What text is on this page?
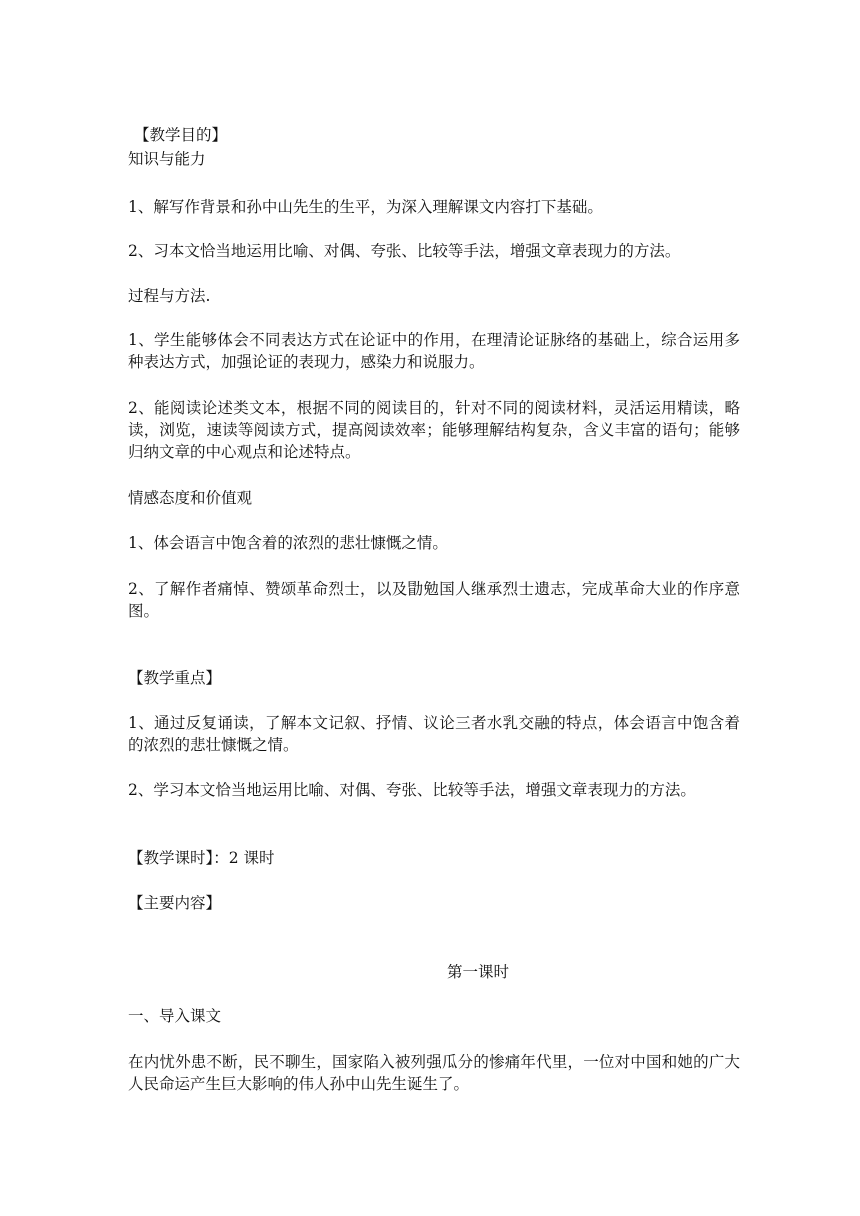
【教学目的】
知识与能力
1、解写作背景和孙中山先生的生平，为深入理解课文内容打下基础。
2、习本文恰当地运用比喻、对偶、夸张、比较等手法，增强文章表现力的方法。
过程与方法.
1、学生能够体会不同表达方式在论证中的作用，在理清论证脉络的基础上，综合运用多种表达方式，加强论证的表现力，感染力和说服力。
2、能阅读论述类文本，根据不同的阅读目的，针对不同的阅读材料，灵活运用精读，略读，浏览，速读等阅读方式，提高阅读效率；能够理解结构复杂，含义丰富的语句；能够归纳文章的中心观点和论述特点。
情感态度和价值观
1、体会语言中饱含着的浓烈的悲壮慷慨之情。
2、了解作者痛悼、赞颂革命烈士，以及勖勉国人继承烈士遗志，完成革命大业的作序意图。
【教学重点】
1、通过反复诵读，了解本文记叙、抒情、议论三者水乳交融的特点，体会语言中饱含着的浓烈的悲壮慷慨之情。
2、学习本文恰当地运用比喻、对偶、夸张、比较等手法，增强文章表现力的方法。
【教学课时】：2 课时
【主要内容】
第一课时
一、导入课文
在内忧外患不断，民不聊生，国家陷入被列强瓜分的惨痛年代里，一位对中国和她的广大人民命运产生巨大影响的伟人孙中山先生诞生了。
